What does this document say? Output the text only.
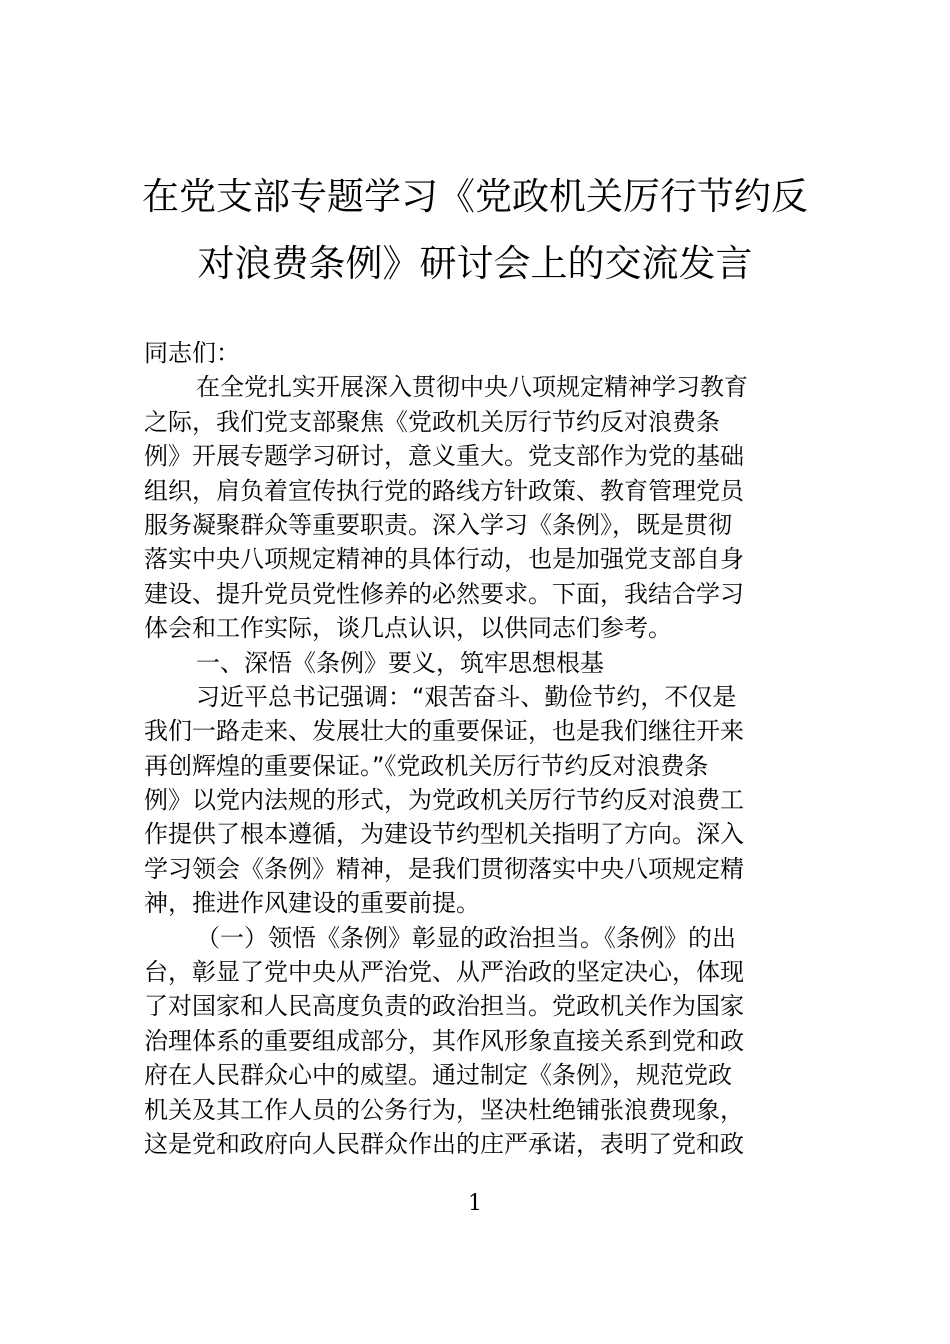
在党支部专题学习《党政机关厉行节约反
对浪费条例》研讨会上的交流发言
同志们：
在全党扎实开展深入贯彻中央八项规定精神学习教育
之际，我们党支部聚焦《党政机关厉行节约反对浪费条
例》开展专题学习研讨，意义重大。党支部作为党的基础
组织，肩负着宣传执行党的路线方针政策、教育管理党员
服务凝聚群众等重要职责。深入学习《条例》，既是贯彻
落实中央八项规定精神的具体行动，也是加强党支部自身
建设、提升党员党性修养的必然要求。下面，我结合学习
体会和工作实际，谈几点认识，以供同志们参考。
一、深悟《条例》要义，筑牢思想根基
习近平总书记强调：“艰苦奋斗、勤俭节约，不仅是
我们一路走来、发展壮大的重要保证，也是我们继往开来
再创辉煌的重要保证。”《党政机关厉行节约反对浪费条
例》以党内法规的形式，为党政机关厉行节约反对浪费工
作提供了根本遵循，为建设节约型机关指明了方向。深入
学习领会《条例》精神，是我们贯彻落实中央八项规定精
神，推进作风建设的重要前提。
（一）领悟《条例》彰显的政治担当。《条例》的出
台，彰显了党中央从严治党、从严治政的坚定决心，体现
了对国家和人民高度负责的政治担当。党政机关作为国家
治理体系的重要组成部分，其作风形象直接关系到党和政
府在人民群众心中的威望。通过制定《条例》，规范党政
机关及其工作人员的公务行为，坚决杜绝铺张浪费现象，
这是党和政府向人民群众作出的庄严承诺，表明了党和政
1
